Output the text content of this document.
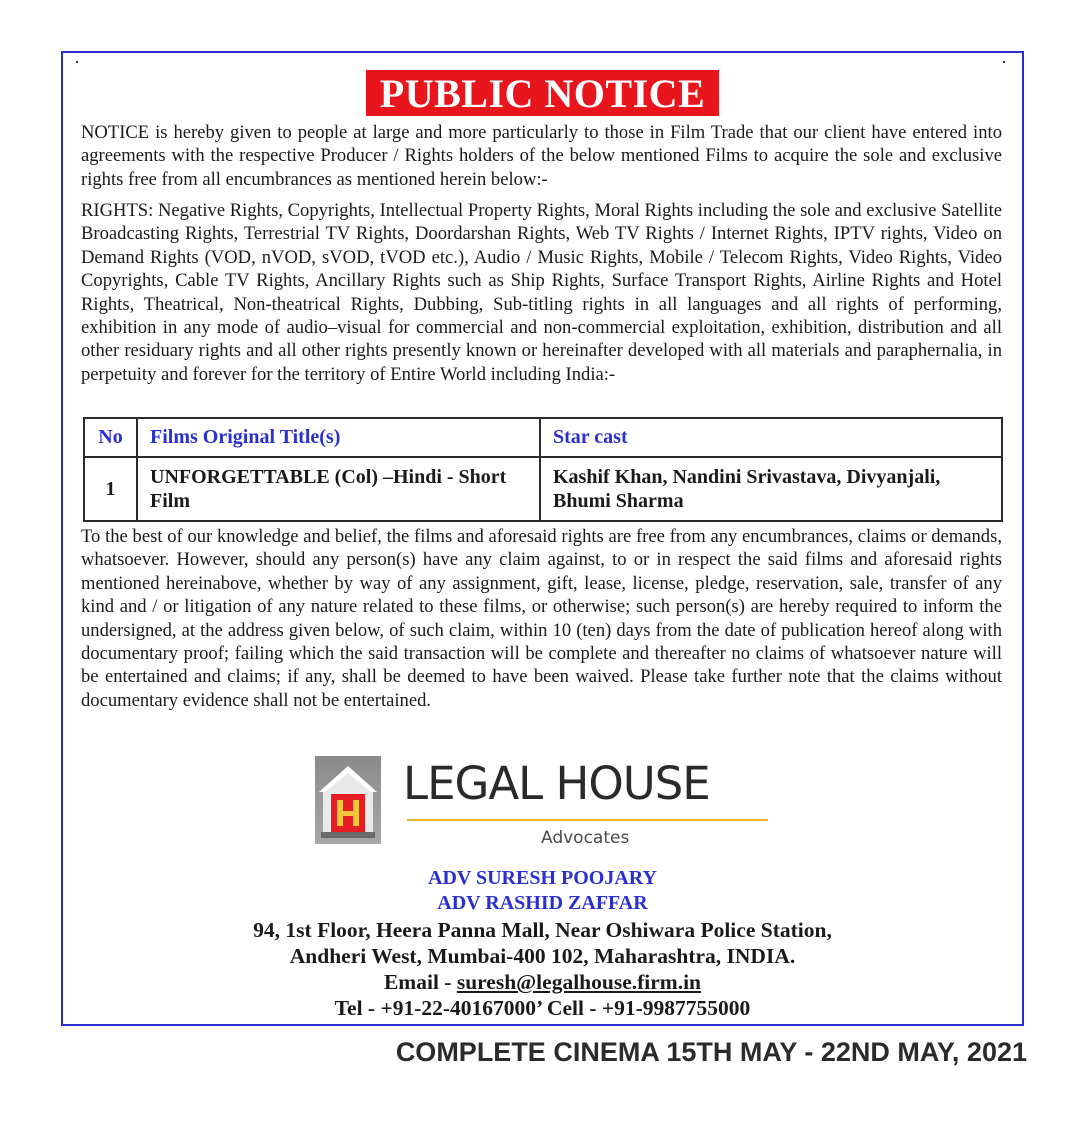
PUBLIC NOTICE

NOTICE is hereby given to people at large and more particularly to those in Film Trade that our client have entered into agreements with the respective Producer / Rights holders of the below mentioned Films to acquire the sole and exclusive rights free from all encumbrances as mentioned herein below:-

RIGHTS: Negative Rights, Copyrights, Intellectual Property Rights, Moral Rights including the sole and exclusive Satellite Broadcasting Rights, Terrestrial TV Rights, Doordarshan Rights, Web TV Rights / Internet Rights, IPTV rights, Video on Demand Rights (VOD, nVOD, sVOD, tVOD etc.), Audio / Music Rights, Mobile / Telecom Rights, Video Rights, Video Copyrights, Cable TV Rights, Ancillary Rights such as Ship Rights, Surface Transport Rights, Airline Rights and Hotel Rights, Theatrical, Non-theatrical Rights, Dubbing, Sub-titling rights in all languages and all rights of performing, exhibition in any mode of audio–visual for commercial and non-commercial exploitation, exhibition, distribution and all other residuary rights and all other rights presently known or hereinafter developed with all materials and paraphernalia, in perpetuity and forever for the territory of Entire World including India:-

No	Films Original Title(s)	Star cast
1	UNFORGETTABLE (Col) –Hindi - Short Film	Kashif Khan, Nandini Srivastava, Divyanjali, Bhumi Sharma

To the best of our knowledge and belief, the films and aforesaid rights are free from any encumbrances, claims or demands, whatsoever. However, should any person(s) have any claim against, to or in respect the said films and aforesaid rights mentioned hereinabove, whether by way of any assignment, gift, lease, license, pledge, reservation, sale, transfer of any kind and / or litigation of any nature related to these films, or otherwise; such person(s) are hereby required to inform the undersigned, at the address given below, of such claim, within 10 (ten) days from the date of publication hereof along with documentary proof; failing which the said transaction will be complete and thereafter no claims of whatsoever nature will be entertained and claims; if any, shall be deemed to have been waived. Please take further note that the claims without documentary evidence shall not be entertained.

LEGAL HOUSE
Advocates
ADV SURESH POOJARY
ADV RASHID ZAFFAR
94, 1st Floor, Heera Panna Mall, Near Oshiwara Police Station,
Andheri West, Mumbai-400 102, Maharashtra, INDIA.
Email - suresh@legalhouse.firm.in
Tel - +91-22-40167000’ Cell - +91-9987755000
COMPLETE CINEMA 15TH MAY - 22ND MAY, 2021
